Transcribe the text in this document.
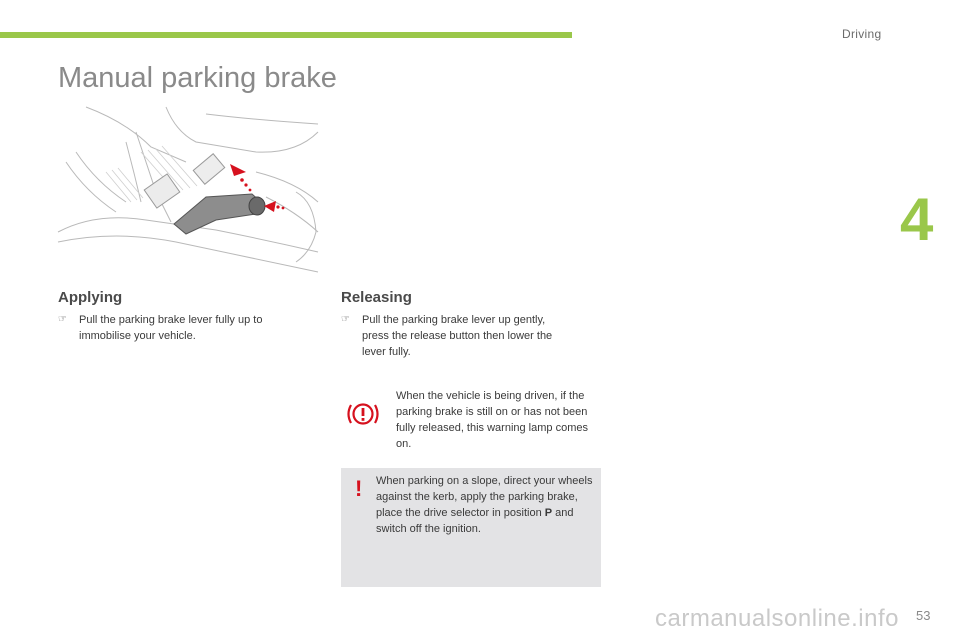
Driving
4
Manual parking brake
Applying
☞	Pull the parking brake lever fully up to immobilise your vehicle.
Releasing
☞	Pull the parking brake lever up gently, press the release button then lower the lever fully.
When the vehicle is being driven, if the parking brake is still on or has not been fully released, this warning lamp comes on.
! When parking on a slope, direct your wheels against the kerb, apply the parking brake, place the drive selector in position P and switch off the ignition.
carmanualsonline.info 53
